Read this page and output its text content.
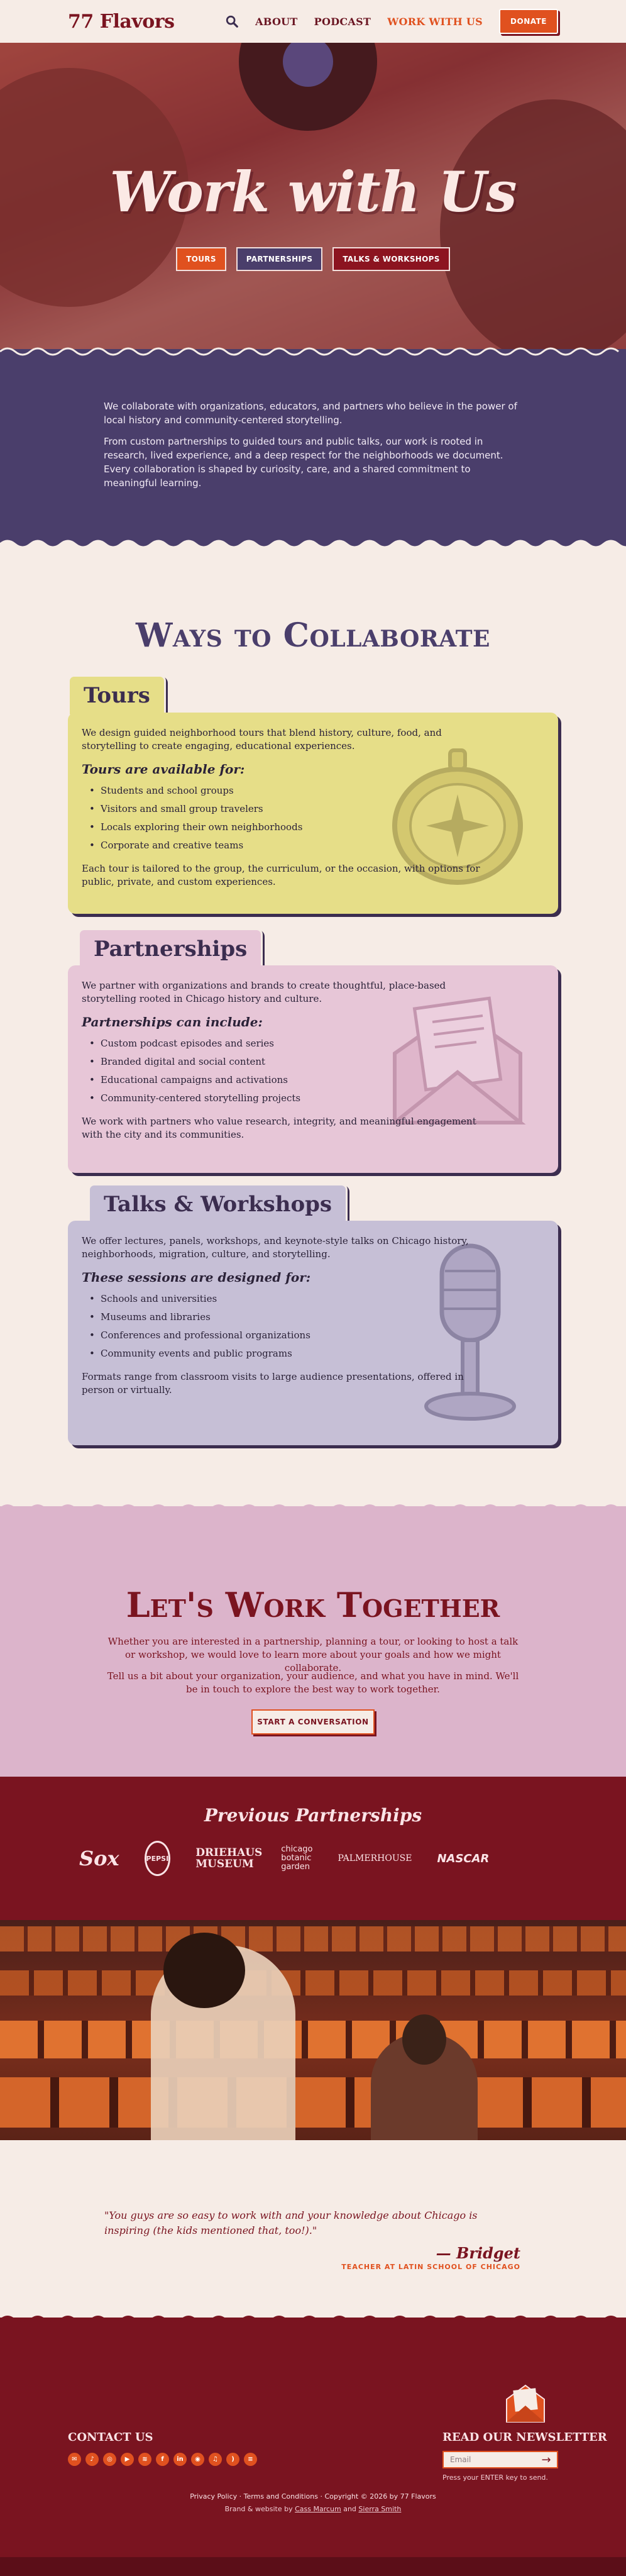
77 Flavors	ABOUT PODCAST WORK WITH US	DONATE
Work with Us
TOURS	PARTNERSHIPS	TALKS & WORKSHOPS

We collaborate with organizations, educators, and partners who believe in the power of local history and community-centered storytelling.

From custom partnerships to guided tours and public talks, our work is rooted in research, lived experience, and a deep respect for the neighborhoods we document. Every collaboration is shaped by curiosity, care, and a shared commitment to meaningful learning.

Ways to Collaborate
Tours

We design guided neighborhood tours that blend history, culture, food, and storytelling to create engaging, educational experiences.

Tours are available for:
• Students and school groups
• Visitors and small group travelers
• Locals exploring their own neighborhoods
• Corporate and creative teams

Each tour is tailored to the group, the curriculum, or the occasion, with options for public, private, and custom experiences.

Partnerships

We partner with organizations and brands to create thoughtful, place-based storytelling rooted in Chicago history and culture.

Partnerships can include:
• Custom podcast episodes and series
• Branded digital and social content
• Educational campaigns and activations
• Community-centered storytelling projects

We work with partners who value research, integrity, and meaningful engagement with the city and its communities.

Talks & Workshops

We offer lectures, panels, workshops, and keynote-style talks on Chicago history, neighborhoods, migration, culture, and storytelling.

These sessions are designed for:
• Schools and universities
• Museums and libraries
• Conferences and professional organizations
• Community events and public programs

Formats range from classroom visits to large audience presentations, offered in person or virtually.

Let's Work Together

Whether you are interested in a partnership, planning a tour, or looking to host a talk or workshop, we would love to learn more about your goals and how we might collaborate.

Tell us a bit about your organization, your audience, and what you have in mind. We'll be in touch to explore the best way to work together.

START A CONVERSATION
Previous Partnerships
Sox	PEPSI	DRIEHAUS MUSEUM
chicago botanic garden
PALMERHOUSE NASCAR
"You guys are so easy to work with and your knowledge about Chicago is inspiring (the kids mentioned that, too!)."
— Bridget
TEACHER AT LATIN SCHOOL OF CHICAGO
CONTACT US
✉	♪	◎	▶	≋	f	in	◉	♫	)	≡
READ OUR NEWSLETTER
Email	→
Press your ENTER key to send.
Privacy Policy · Terms and Conditions · Copyright © 2026 by 77 Flavors
Brand & website by Cass Marcum and Sierra Smith
